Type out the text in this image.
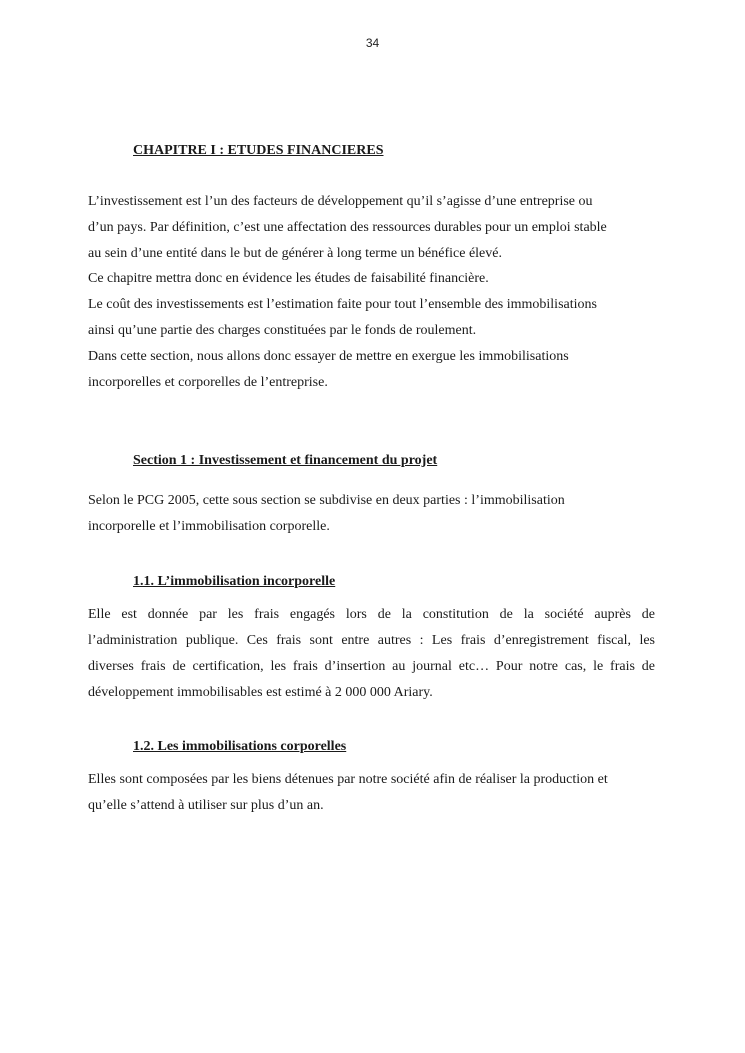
34
CHAPITRE I : ETUDES FINANCIERES
L’investissement est l’un des facteurs de développement qu’il s’agisse d’une entreprise ou
d’un pays. Par définition, c’est une affectation des ressources durables pour un emploi stable
au sein d’une entité dans le but de générer à long terme un bénéfice élevé.
Ce chapitre mettra donc en évidence les études de faisabilité financière.
Le coût des investissements est l’estimation faite pour tout l’ensemble des immobilisations
ainsi qu’une partie des charges constituées par le fonds de roulement.
Dans cette section, nous allons donc essayer de mettre en exergue les immobilisations
incorporelles et corporelles de l’entreprise.
Section 1 : Investissement et financement du projet
Selon le PCG 2005, cette sous section se subdivise en deux parties : l’immobilisation
incorporelle et l’immobilisation corporelle.
1.1. L’immobilisation incorporelle
Elle est donnée par les frais engagés lors de la constitution de la société auprès de
l’administration publique. Ces frais sont entre autres : Les frais d’enregistrement fiscal, les
diverses frais de certification, les frais d’insertion au journal etc… Pour notre cas, le frais de
développement immobilisables est estimé à 2 000 000 Ariary.
1.2. Les immobilisations corporelles
Elles sont composées par les biens détenues par notre société afin de réaliser la production et
qu’elle s’attend à utiliser sur plus d’un an.
